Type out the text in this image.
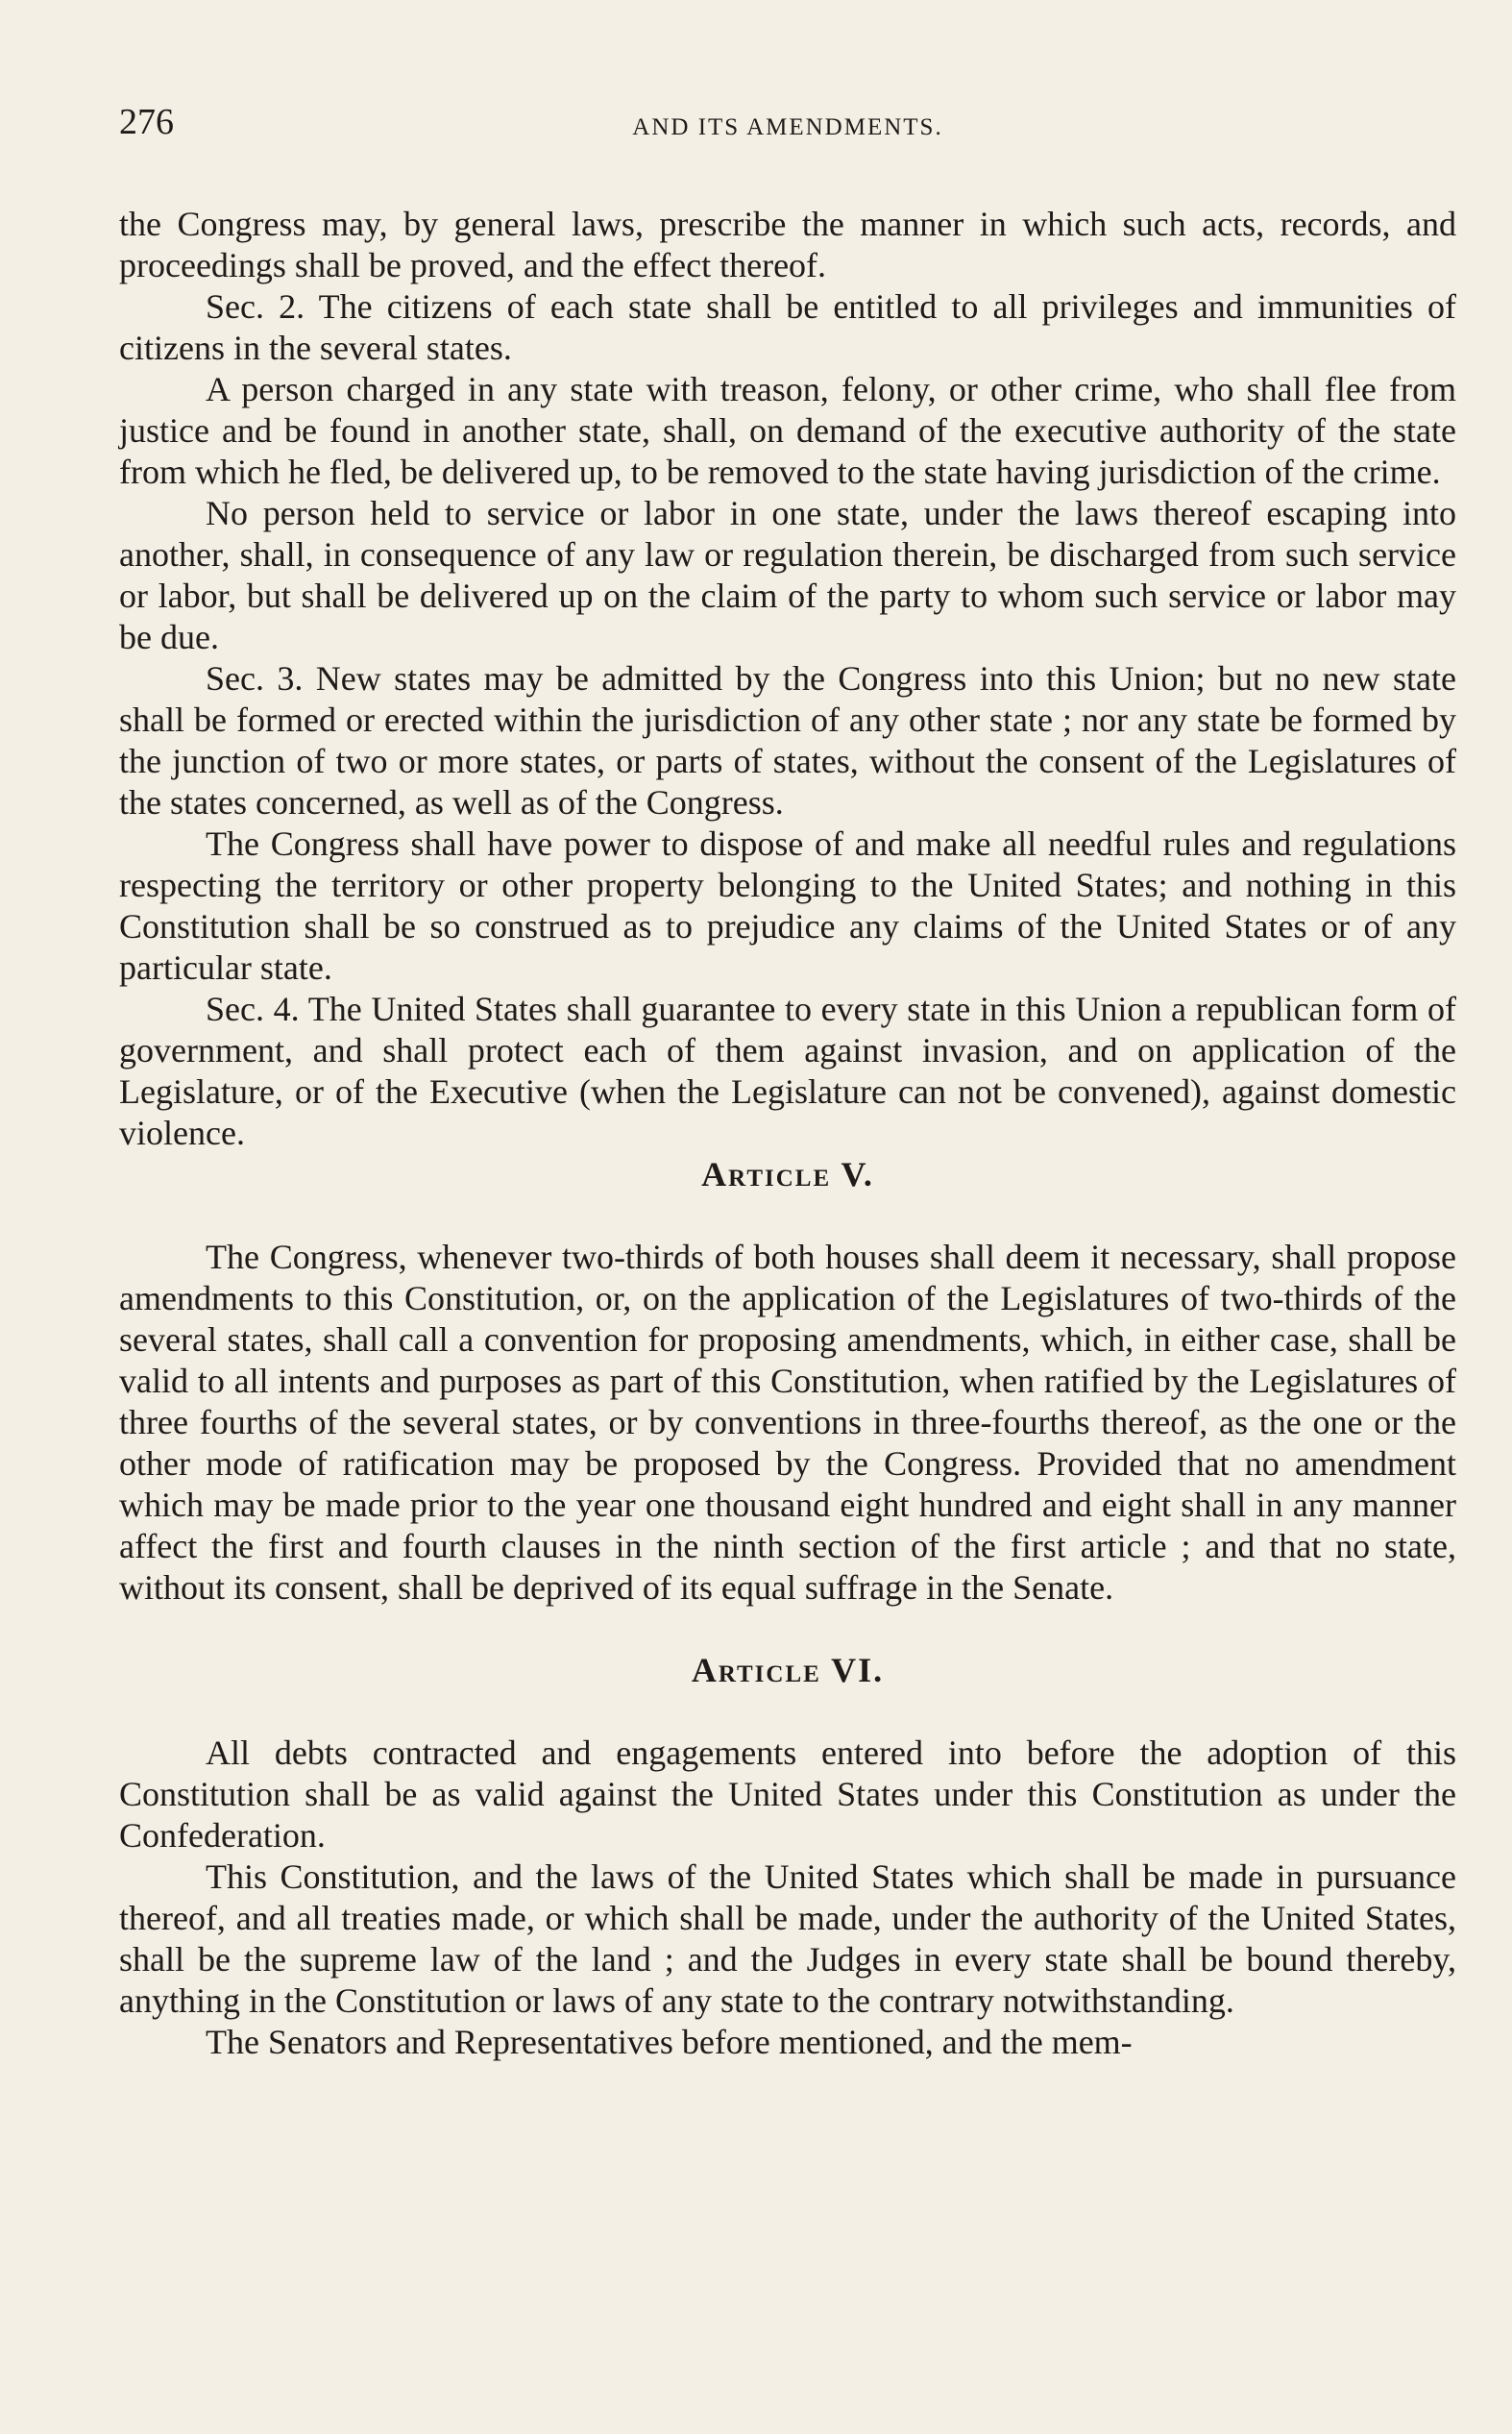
276	AND ITS AMENDMENTS.

the Congress may, by general laws, prescribe the manner in which such acts, records, and proceedings shall be proved, and the effect thereof.

Sec. 2. The citizens of each state shall be entitled to all privileges and immunities of citizens in the several states.

A person charged in any state with treason, felony, or other crime, who shall flee from justice and be found in another state, shall, on demand of the executive authority of the state from which he fled, be delivered up, to be removed to the state having jurisdiction of the crime.

No person held to service or labor in one state, under the laws thereof escaping into another, shall, in consequence of any law or regulation therein, be discharged from such service or labor, but shall be delivered up on the claim of the party to whom such service or labor may be due.

Sec. 3. New states may be admitted by the Congress into this Union; but no new state shall be formed or erected within the jurisdiction of any other state ; nor any state be formed by the junction of two or more states, or parts of states, without the consent of the Legislatures of the states concerned, as well as of the Congress.

The Congress shall have power to dispose of and make all needful rules and regulations respecting the territory or other property belonging to the United States; and nothing in this Constitution shall be so construed as to prejudice any claims of the United States or of any particular state.

Sec. 4. The United States shall guarantee to every state in this Union a republican form of government, and shall protect each of them against invasion, and on application of the Legislature, or of the Executive (when the Legislature can not be convened), against domestic violence.

Article V.

The Congress, whenever two-thirds of both houses shall deem it necessary, shall propose amendments to this Constitution, or, on the application of the Legislatures of two-thirds of the several states, shall call a convention for proposing amendments, which, in either case, shall be valid to all intents and purposes as part of this Constitution, when ratified by the Legislatures of three fourths of the several states, or by conventions in three-fourths thereof, as the one or the other mode of ratification may be proposed by the Congress. Provided that no amendment which may be made prior to the year one thousand eight hundred and eight shall in any manner affect the first and fourth clauses in the ninth section of the first article ; and that no state, without its consent, shall be deprived of its equal suffrage in the Senate.

Article VI.

All debts contracted and engagements entered into before the adoption of this Constitution shall be as valid against the United States under this Constitution as under the Confederation.

This Constitution, and the laws of the United States which shall be made in pursuance thereof, and all treaties made, or which shall be made, under the authority of the United States, shall be the supreme law of the land ; and the Judges in every state shall be bound thereby, anything in the Constitution or laws of any state to the contrary notwithstanding.

The Senators and Representatives before mentioned, and the mem-
